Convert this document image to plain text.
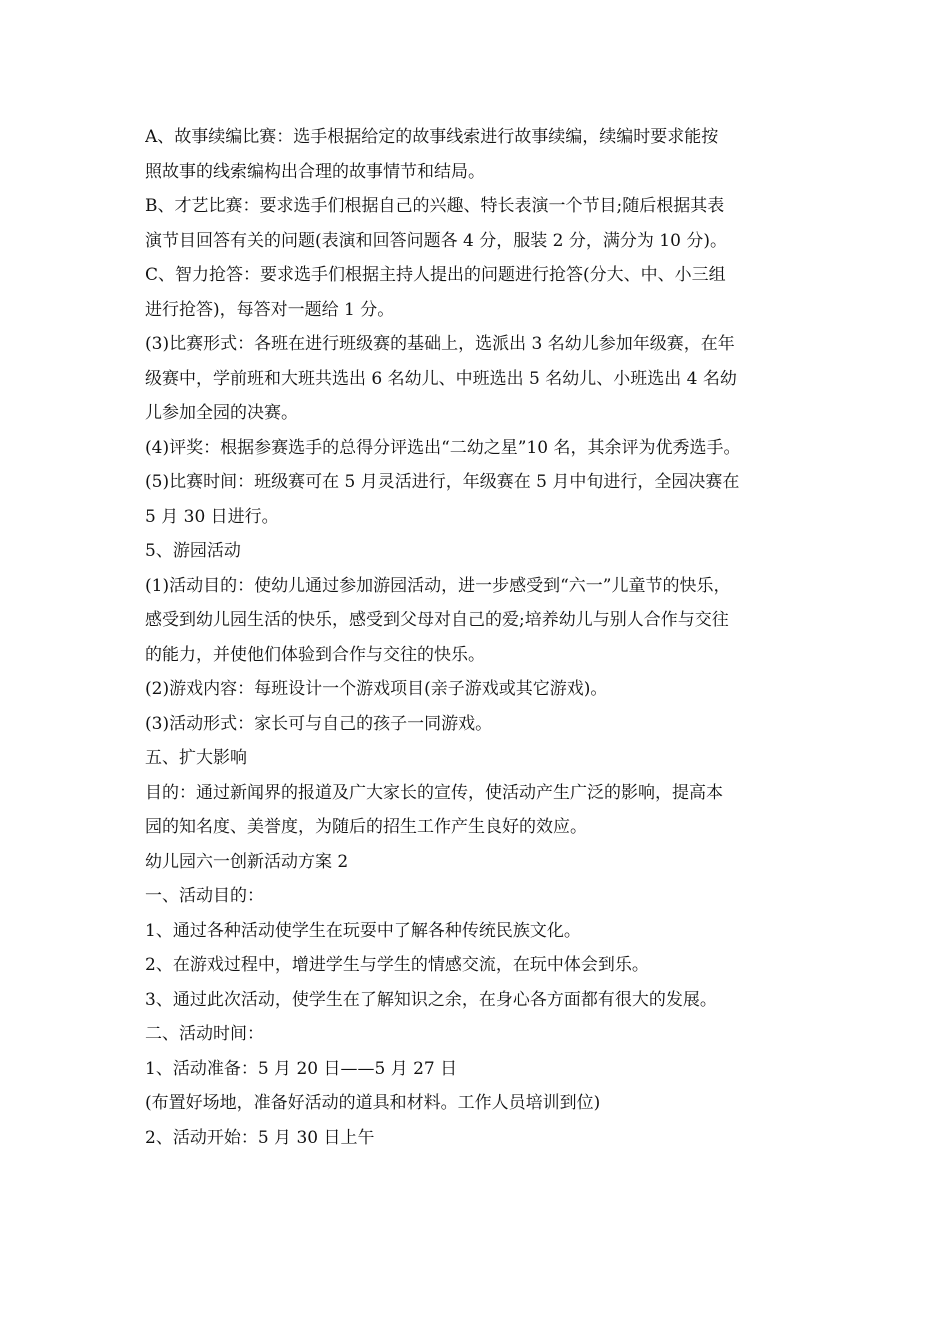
A、故事续编比赛：选手根据给定的故事线索进行故事续编，续编时要求能按
照故事的线索编构出合理的故事情节和结局。
B、才艺比赛：要求选手们根据自己的兴趣、特长表演一个节目;随后根据其表
演节目回答有关的问题(表演和回答问题各 4 分，服装 2 分，满分为 10 分)。
C、智力抢答：要求选手们根据主持人提出的问题进行抢答(分大、中、小三组
进行抢答)，每答对一题给 1 分。
(3)比赛形式：各班在进行班级赛的基础上，选派出 3 名幼儿参加年级赛，在年
级赛中，学前班和大班共选出 6 名幼儿、中班选出 5 名幼儿、小班选出 4 名幼
儿参加全园的决赛。
(4)评奖：根据参赛选手的总得分评选出“二幼之星”10 名，其余评为优秀选手。
(5)比赛时间：班级赛可在 5 月灵活进行，年级赛在 5 月中旬进行，全园决赛在
5 月 30 日进行。
5、游园活动
(1)活动目的：使幼儿通过参加游园活动，进一步感受到“六一”儿童节的快乐，
感受到幼儿园生活的快乐，感受到父母对自己的爱;培养幼儿与别人合作与交往
的能力，并使他们体验到合作与交往的快乐。
(2)游戏内容：每班设计一个游戏项目(亲子游戏或其它游戏)。
(3)活动形式：家长可与自己的孩子一同游戏。
五、扩大影响
目的：通过新闻界的报道及广大家长的宣传，使活动产生广泛的影响，提高本
园的知名度、美誉度，为随后的招生工作产生良好的效应。
幼儿园六一创新活动方案 2
一、活动目的：
1、通过各种活动使学生在玩耍中了解各种传统民族文化。
2、在游戏过程中，增进学生与学生的情感交流，在玩中体会到乐。
3、通过此次活动，使学生在了解知识之余，在身心各方面都有很大的发展。
二、活动时间：
1、活动准备：5 月 20 日——5 月 27 日
(布置好场地，准备好活动的道具和材料。工作人员培训到位)
2、活动开始：5 月 30 日上午
